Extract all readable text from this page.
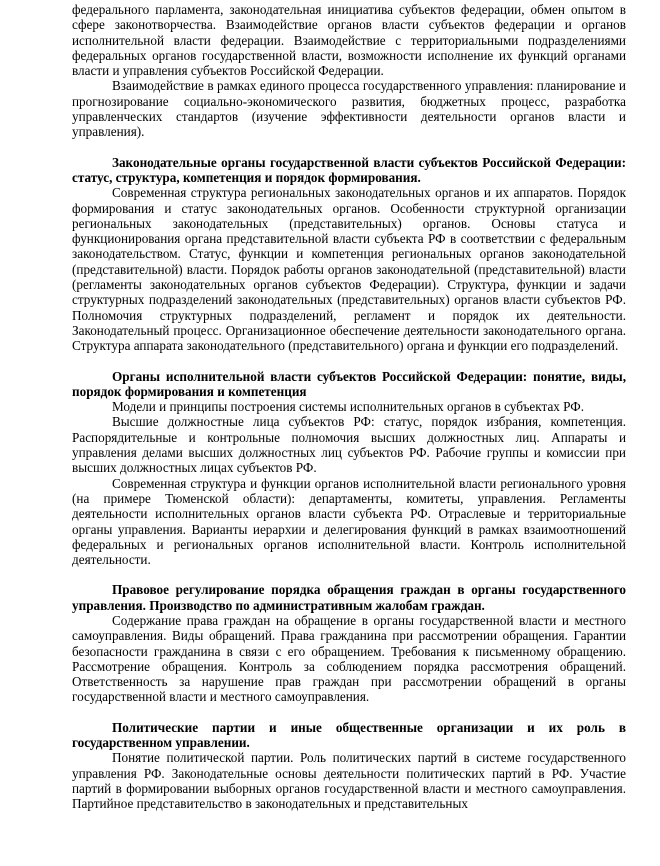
федерального парламента, законодательная инициатива субъектов федерации, обмен опытом в сфере законотворчества. Взаимодействие органов власти субъектов федерации и органов исполнительной власти федерации. Взаимодействие с территориальными подразделениями федеральных органов государственной власти, возможности исполнение их функций органами власти и управления субъектов Российской Федерации.

Взаимодействие в рамках единого процесса государственного управления: планирование и прогнозирование социально-экономического развития, бюджетных процесс, разработка управленческих стандартов (изучение эффективности деятельности органов власти и управления).

Законодательные органы государственной власти субъектов Российской Федерации: статус, структура, компетенция и порядок формирования.

Современная структура региональных законодательных органов и их аппаратов. Порядок формирования и статус законодательных органов. Особенности структурной организации региональных законодательных (представительных) органов. Основы статуса и функционирования органа представительной власти субъекта РФ в соответствии с федеральным законодательством. Статус, функции и компетенция региональных органов законодательной (представительной) власти. Порядок работы органов законодательной (представительной) власти (регламенты законодательных органов субъектов Федерации). Структура, функции и задачи структурных подразделений законодательных (представительных) органов власти субъектов РФ. Полномочия структурных подразделений, регламент и порядок их деятельности. Законодательный процесс. Организационное обеспечение деятельности законодательного органа. Структура аппарата законодательного (представительного) органа и функции его подразделений.

Органы исполнительной власти субъектов Российской Федерации: понятие, виды, порядок формирования и компетенция

Модели и принципы построения системы исполнительных органов в субъектах РФ.

Высшие должностные лица субъектов РФ: статус, порядок избрания, компетенция. Распорядительные и контрольные полномочия высших должностных лиц. Аппараты и управления делами высших должностных лиц субъектов РФ. Рабочие группы и комиссии при высших должностных лицах субъектов РФ.

Современная структура и функции органов исполнительной власти регионального уровня (на примере Тюменской области): департаменты, комитеты, управления. Регламенты деятельности исполнительных органов власти субъекта РФ. Отраслевые и территориальные органы управления. Варианты иерархии и делегирования функций в рамках взаимоотношений федеральных и региональных органов исполнительной власти. Контроль исполнительной деятельности.

Правовое регулирование порядка обращения граждан в органы государственного управления. Производство по административным жалобам граждан.

Содержание права граждан на обращение в органы государственной власти и местного самоуправления. Виды обращений. Права гражданина при рассмотрении обращения. Гарантии безопасности гражданина в связи с его обращением. Требования к письменному обращению. Рассмотрение обращения. Контроль за соблюдением порядка рассмотрения обращений. Ответственность за нарушение прав граждан при рассмотрении обращений в органы государственной власти и местного самоуправления.

Политические партии и иные общественные организации и их роль в государственном управлении.

Понятие политической партии. Роль политических партий в системе государственного управления РФ. Законодательные основы деятельности политических партий в РФ. Участие партий в формировании выборных органов государственной власти и местного самоуправления. Партийное представительство в законодательных и представительных
